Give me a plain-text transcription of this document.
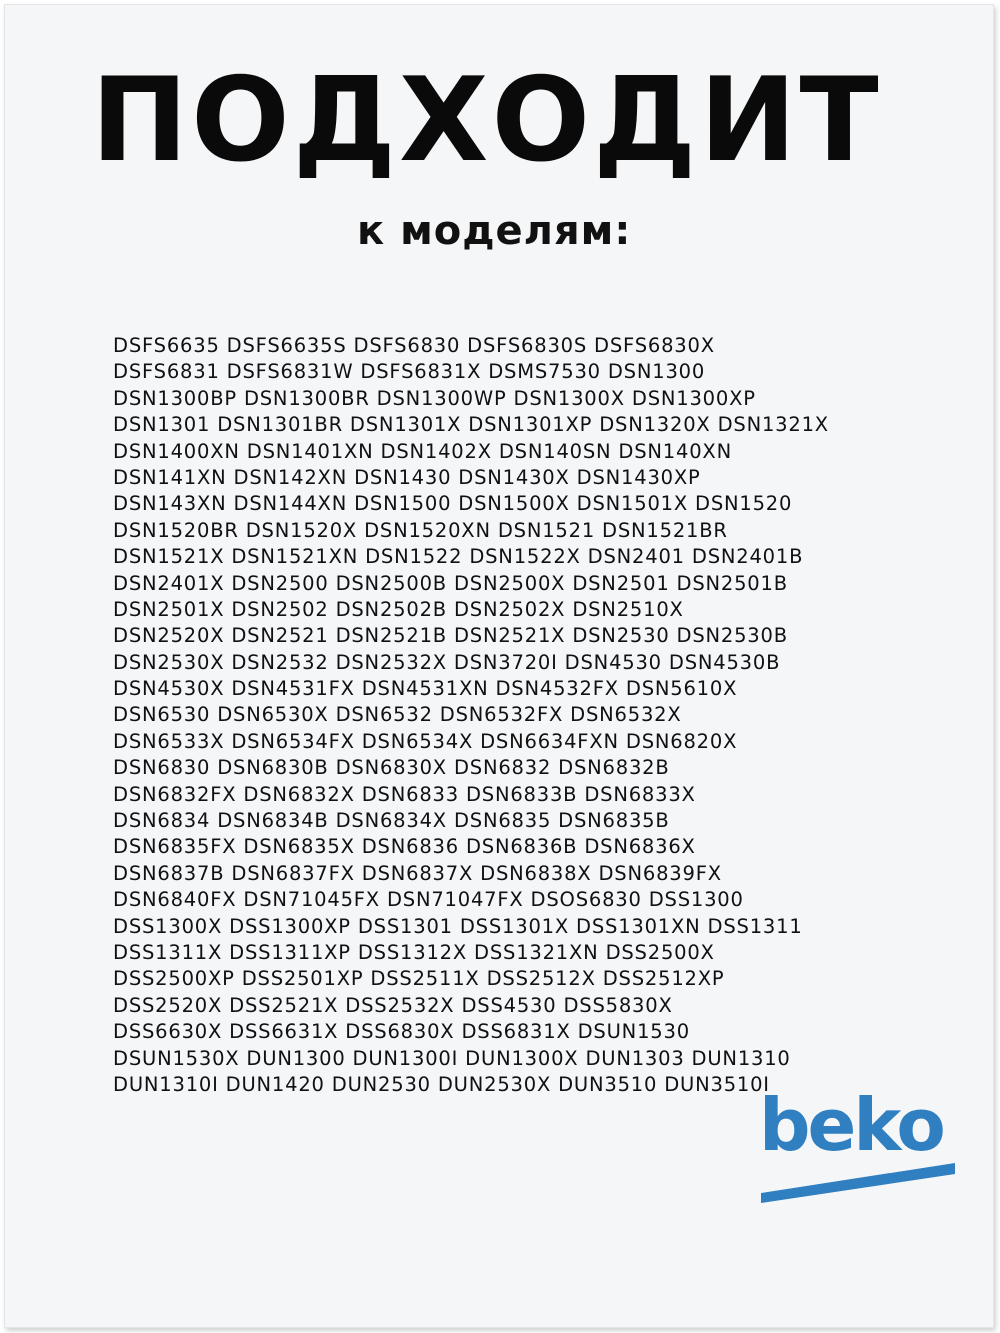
ПОДХОДИТ
к моделям:
DSFS6635 DSFS6635S DSFS6830 DSFS6830S DSFS6830X
DSFS6831 DSFS6831W DSFS6831X DSMS7530 DSN1300
DSN1300BP DSN1300BR DSN1300WP DSN1300X DSN1300XP
DSN1301 DSN1301BR DSN1301X DSN1301XP DSN1320X DSN1321X
DSN1400XN DSN1401XN DSN1402X DSN140SN DSN140XN
DSN141XN DSN142XN DSN1430 DSN1430X DSN1430XP
DSN143XN DSN144XN DSN1500 DSN1500X DSN1501X DSN1520
DSN1520BR DSN1520X DSN1520XN DSN1521 DSN1521BR
DSN1521X DSN1521XN DSN1522 DSN1522X DSN2401 DSN2401B
DSN2401X DSN2500 DSN2500B DSN2500X DSN2501 DSN2501B
DSN2501X DSN2502 DSN2502B DSN2502X DSN2510X
DSN2520X DSN2521 DSN2521B DSN2521X DSN2530 DSN2530B
DSN2530X DSN2532 DSN2532X DSN3720I DSN4530 DSN4530B
DSN4530X DSN4531FX DSN4531XN DSN4532FX DSN5610X
DSN6530 DSN6530X DSN6532 DSN6532FX DSN6532X
DSN6533X DSN6534FX DSN6534X DSN6634FXN DSN6820X
DSN6830 DSN6830B DSN6830X DSN6832 DSN6832B
DSN6832FX DSN6832X DSN6833 DSN6833B DSN6833X
DSN6834 DSN6834B DSN6834X DSN6835 DSN6835B
DSN6835FX DSN6835X DSN6836 DSN6836B DSN6836X
DSN6837B DSN6837FX DSN6837X DSN6838X DSN6839FX
DSN6840FX DSN71045FX DSN71047FX DSOS6830 DSS1300
DSS1300X DSS1300XP DSS1301 DSS1301X DSS1301XN DSS1311
DSS1311X DSS1311XP DSS1312X DSS1321XN DSS2500X
DSS2500XP DSS2501XP DSS2511X DSS2512X DSS2512XP
DSS2520X DSS2521X DSS2532X DSS4530 DSS5830X
DSS6630X DSS6631X DSS6830X DSS6831X DSUN1530
DSUN1530X DUN1300 DUN1300I DUN1300X DUN1303 DUN1310
DUN1310I DUN1420 DUN2530 DUN2530X DUN3510 DUN3510I
beko
